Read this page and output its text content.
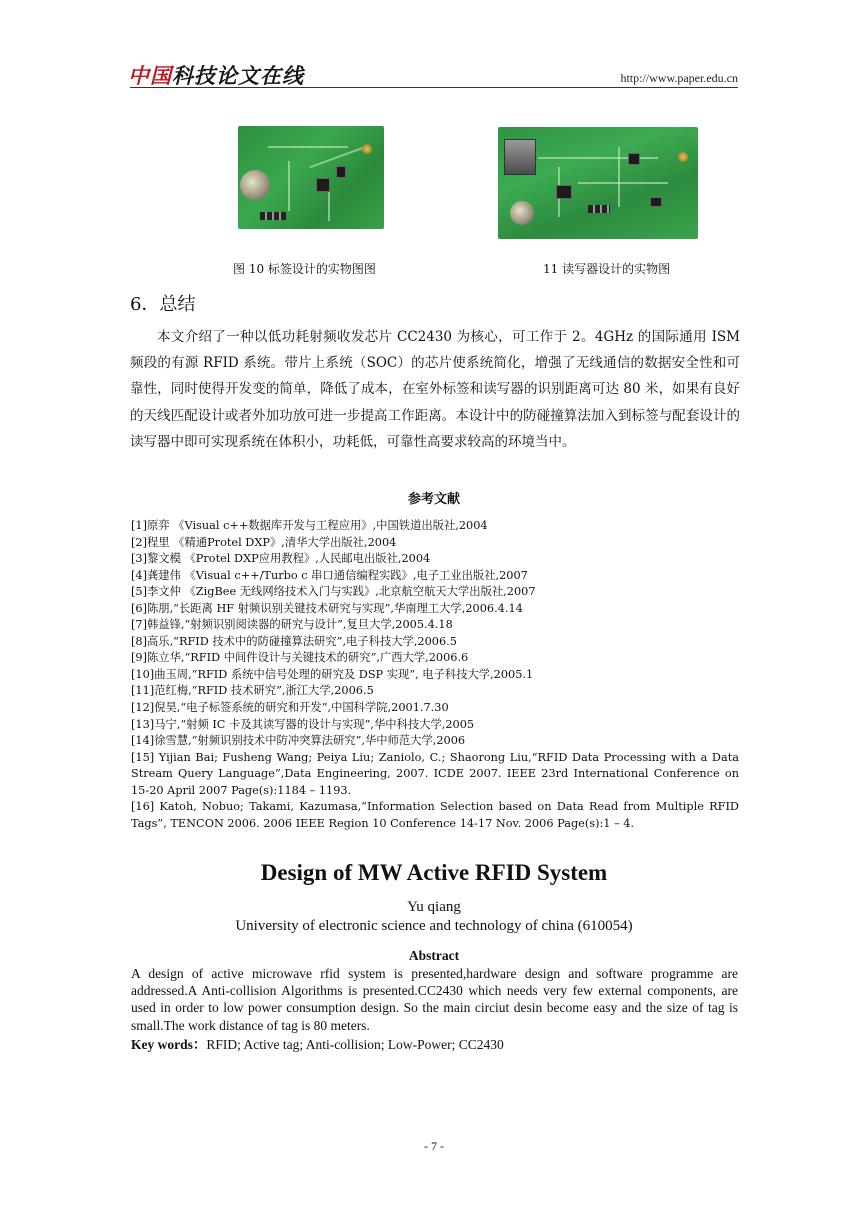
中国科技论文在线	http://www.paper.edu.cn
图 10 标签设计的实物图图	11 读写器设计的实物图
6．总结
本文介绍了一种以低功耗射频收发芯片 CC2430 为核心，可工作于 2。4GHz 的国际通用 ISM 频段的有源 RFID 系统。带片上系统（SOC）的芯片使系统简化，增强了无线通信的数据安全性和可靠性，同时使得开发变的简单，降低了成本，在室外标签和读写器的识别距离可达 80 米，如果有良好的天线匹配设计或者外加功放可进一步提高工作距离。本设计中的防碰撞算法加入到标签与配套设计的读写器中即可实现系统在体积小，功耗低，可靠性高要求较高的环境当中。
参考文献
[1]原弈 《Visual c++数据库开发与工程应用》,中国铁道出版社,2004
[2]程里 《精通Protel DXP》,清华大学出版社,2004
[3]黎文模 《Protel DXP应用教程》,人民邮电出版社,2004
[4]龚建伟 《Visual c++/Turbo c 串口通信编程实践》,电子工业出版社,2007
[5]李文仲 《ZigBee 无线网络技术入门与实践》,北京航空航天大学出版社,2007
[6]陈朋,“长距离 HF 射频识别关键技术研究与实现”,华南理工大学,2006.4.14
[7]韩益锋,“射频识别阅读器的研究与设计”,复旦大学,2005.4.18
[8]高乐,“RFID 技术中的防碰撞算法研究”,电子科技大学,2006.5
[9]陈立华,“RFID 中间件设计与关键技术的研究”,广西大学,2006.6
[10]曲玉周,“RFID 系统中信号处理的研究及 DSP 实现”, 电子科技大学,2005.1
[11]范红梅,“RFID 技术研究”,浙江大学,2006.5
[12]倪昊,“电子标签系统的研究和开发”,中国科学院,2001.7.30
[13]马宁,“射频 IC 卡及其读写器的设计与实现”,华中科技大学,2005
[14]徐雪慧,“射频识别技术中防冲突算法研究”,华中师范大学,2006
[15] Yijian Bai; Fusheng Wang; Peiya Liu; Zaniolo, C.; Shaorong Liu,“RFID Data Processing with a Data Stream Query Language”,Data Engineering, 2007. ICDE 2007. IEEE 23rd International Conference on 15-20 April 2007 Page(s):1184 – 1193.
[16] Katoh, Nobuo; Takami, Kazumasa,“Information Selection based on Data Read from Multiple RFID Tags”, TENCON 2006. 2006 IEEE Region 10 Conference 14-17 Nov. 2006 Page(s):1 – 4.
Design of MW Active RFID System
Yu qiang
University of electronic science and technology of china (610054)
Abstract
A design of active microwave rfid system is presented,hardware design and software programme are addressed.A Anti-collision Algorithms is presented.CC2430 which needs very few external components, are used in order to low power consumption design. So the main circiut desin become easy and the size of tag is small.The work distance of tag is 80 meters.
Key words：RFID; Active tag; Anti-collision; Low-Power; CC2430
- 7 -
